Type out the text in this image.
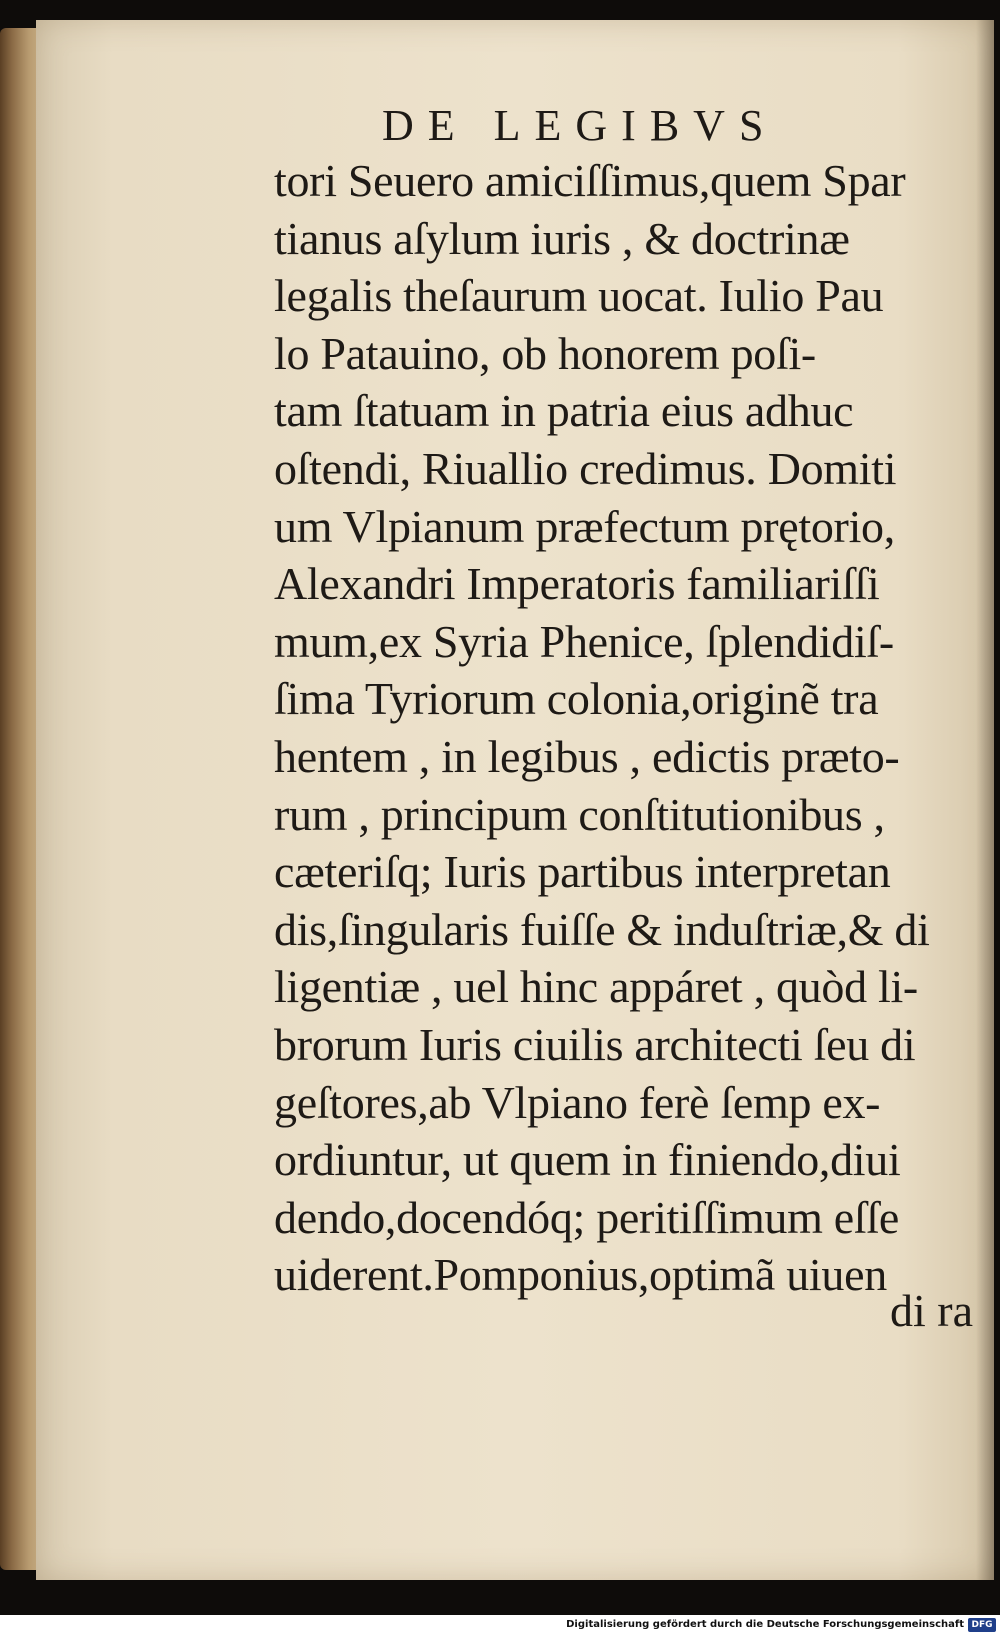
DE LEGIBVS
tori Seuero amiciſſimus,quem Spar
tianus aſylum iuris , & doctrinæ
legalis theſaurum uocat. Iulio Pau
lo Patauino, ob honorem poſi-
tam ſtatuam in patria eius adhuc
oſtendi, Riuallio credimus. Domiti
um Vlpianum præfectum prętorio,
Alexandri Imperatoris familiariſſi
mum,ex Syria Phenice, ſplendidiſ-
ſima Tyriorum colonia,originẽ tra
hentem , in legibus , edictis præto-
rum , principum conſtitutionibus ,
cæteriſq; Iuris partibus interpretan
dis,ſingularis fuiſſe & induſtriæ,& di
ligentiæ , uel hinc appáret , quòd li-
brorum Iuris ciuilis architecti ſeu di
geſtores,ab Vlpiano ferè ſemp ex-
ordiuntur, ut quem in finiendo,diui
dendo,docendóq; peritiſſimum eſſe
uiderent.Pomponius,optimã uiuen
di ra
Digitalisierung gefördert durch die Deutsche Forschungsgemeinschaft DFG
